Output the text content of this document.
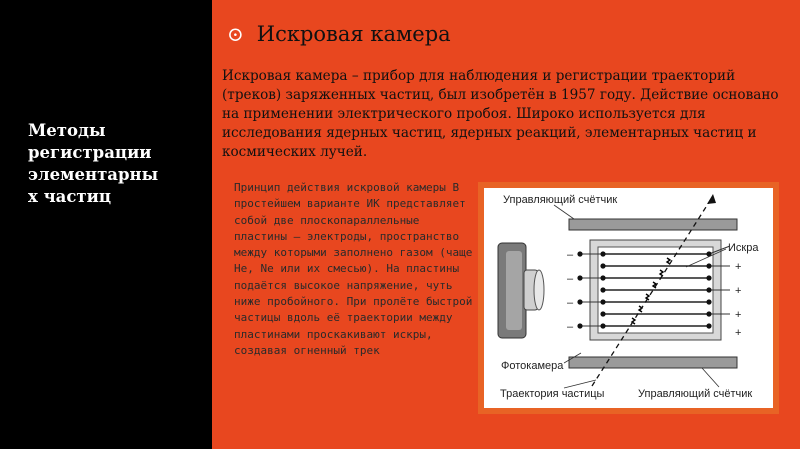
Методы
регистрации
элементарны
х частиц
⊙ Искровая камера
Искровая камера – прибор для наблюдения и регистрации траекторий (треков) заряженных частиц, был изобретён в 1957 году. Действие основано на применении электрического пробоя. Широко используется для исследования ядерных частиц, ядерных реакций, элементарных частиц и космических лучей.
Принцип действия искровой камеры В простейшем варианте ИК представляет собой две плоскопараллельные пластины — электроды, пространство между которыми заполнено газом (чаще He, Ne или их смесью). На пластины подаётся высокое напряжение, чуть ниже пробойного. При пролёте быстрой частицы вдоль её траектории между пластинами проскакивают искры, создавая огненный трек
Управляющий счётчик
Искра
Фотокамера
Траектория частицы	Управляющий счётчик
–
–
–
–
+
+
+
+
